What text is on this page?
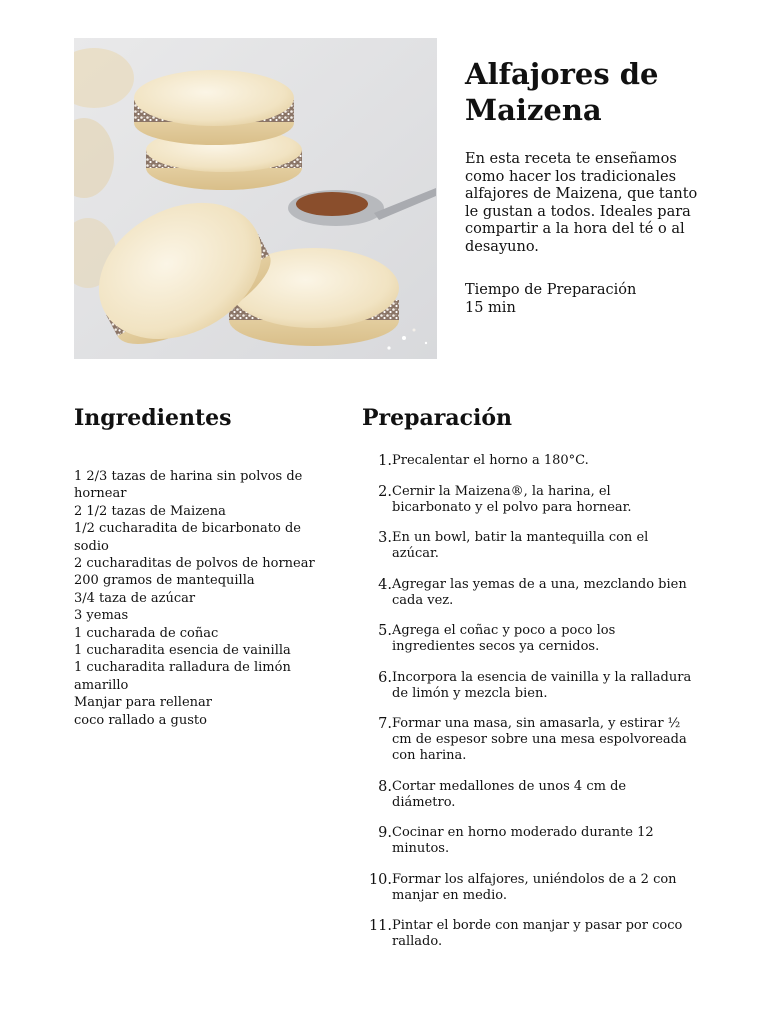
Alfajores de Maizena

En esta receta te enseñamos como hacer los tradicionales alfajores de Maizena, que tanto le gustan a todos. Ideales para compartir a la hora del té o al desayuno.

Tiempo de Preparación
15 min
Ingredientes
1 2/3 tazas de harina sin polvos de hornear
2 1/2 tazas de Maizena
1/2 cucharadita de bicarbonato de sodio
2 cucharaditas de polvos de hornear
200 gramos de mantequilla
3/4 taza de azúcar
3 yemas
1 cucharada de coñac
1 cucharadita esencia de vainilla
1 cucharadita ralladura de limón amarillo
Manjar para rellenar
coco rallado a gusto
Preparación
1. Precalentar el horno a 180°C.
2. Cernir la Maizena®, la harina, el bicarbonato y el polvo para hornear.
3. En un bowl, batir la mantequilla con el azúcar.
4. Agregar las yemas de a una, mezclando bien cada vez.
5. Agrega el coñac y poco a poco los ingredientes secos ya cernidos.
6. Incorpora la esencia de vainilla y la ralladura de limón y mezcla bien.
7. Formar una masa, sin amasarla, y estirar ½ cm de espesor sobre una mesa espolvoreada con harina.
8. Cortar medallones de unos 4 cm de diámetro.
9. Cocinar en horno moderado durante 12 minutos.
10. Formar los alfajores, uniéndolos de a 2 con manjar en medio.
11. Pintar el borde con manjar y pasar por coco rallado.
